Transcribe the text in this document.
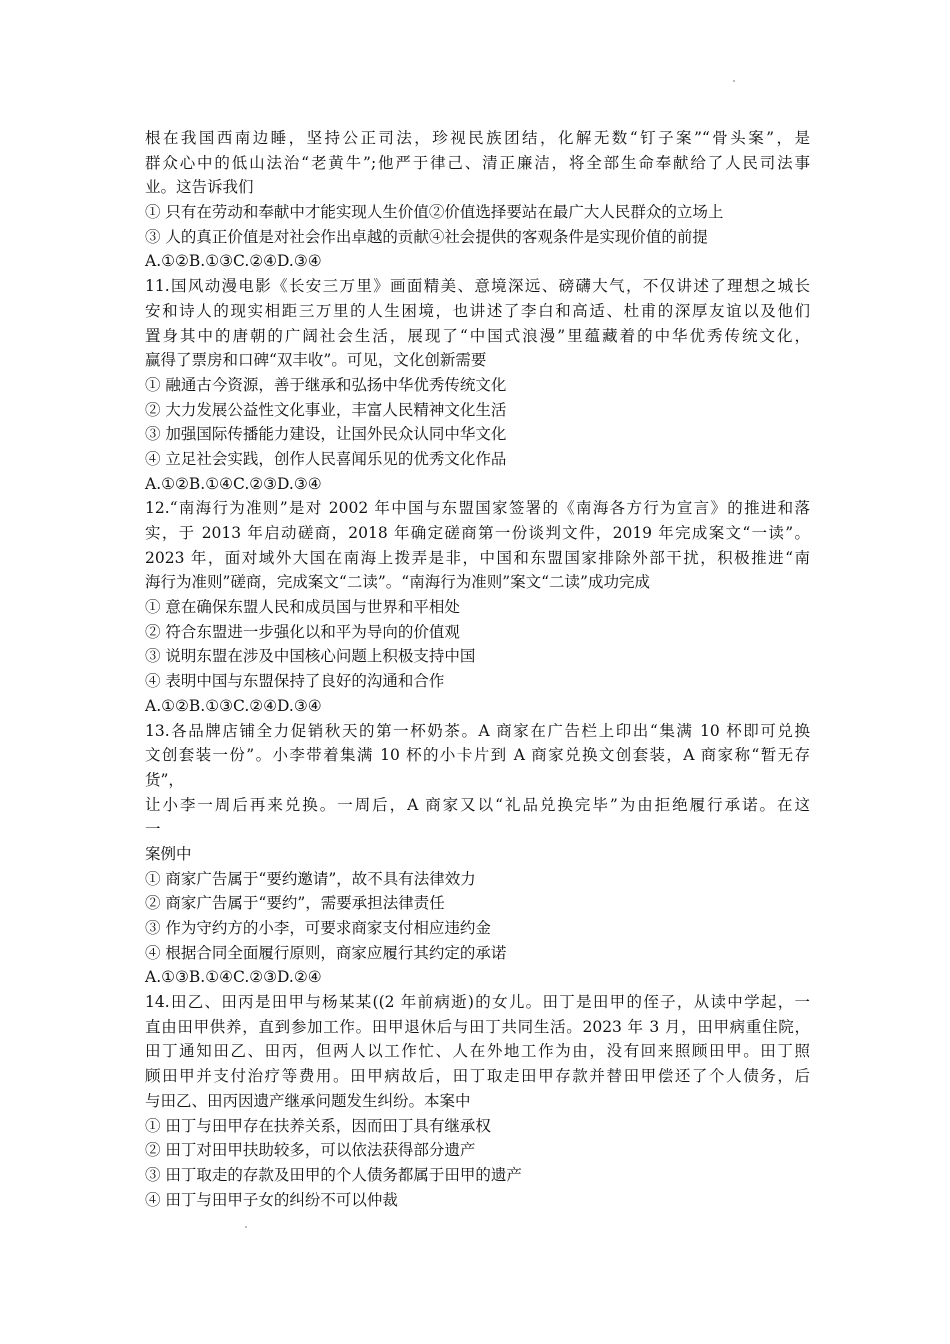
根在我国西南边睡，坚持公正司法，珍视民族团结，化解无数“钉子案”“骨头案”，是
群众心中的低山法治“老黄牛”;他严于律己、清正廉洁，将全部生命奉献给了人民司法事
业。这告诉我们
① 只有在劳动和奉献中才能实现人生价值②价值选择要站在最广大人民群众的立场上
③ 人的真正价值是对社会作出卓越的贡献④社会提供的客观条件是实现价值的前提
A.①②B.①③C.②④D.③④
11.国风动漫电影《长安三万里》画面精美、意境深远、磅礴大气，不仅讲述了理想之城长
安和诗人的现实相距三万里的人生困境，也讲述了李白和高适、杜甫的深厚友谊以及他们
置身其中的唐朝的广阔社会生活，展现了“中国式浪漫”里蕴藏着的中华优秀传统文化，
赢得了票房和口碑“双丰收”。可见，文化创新需要
① 融通古今资源，善于继承和弘扬中华优秀传统文化
② 大力发展公益性文化事业，丰富人民精神文化生活
③ 加强国际传播能力建设，让国外民众认同中华文化
④ 立足社会实践，创作人民喜闻乐见的优秀文化作品
A.①②B.①④C.②③D.③④
12.“南海行为准则”是对 2002 年中国与东盟国家签署的《南海各方行为宣言》的推进和落
实，于 2013 年启动磋商，2018 年确定磋商第一份谈判文件，2019 年完成案文“一读”。
2023 年，面对域外大国在南海上拨弄是非，中国和东盟国家排除外部干扰，积极推进“南
海行为准则”磋商，完成案文“二读”。“南海行为准则”案文“二读”成功完成
① 意在确保东盟人民和成员国与世界和平相处
② 符合东盟进一步强化以和平为导向的价值观
③ 说明东盟在涉及中国核心问题上积极支持中国
④ 表明中国与东盟保持了良好的沟通和合作
A.①②B.①③C.②④D.③④
13.各品牌店铺全力促销秋天的第一杯奶茶。A 商家在广告栏上印出“集满 10 杯即可兑换
文创套装一份”。小李带着集满 10 杯的小卡片到 A 商家兑换文创套装，A 商家称“暂无存
货”，
让小李一周后再来兑换。一周后，A 商家又以“礼品兑换完毕”为由拒绝履行承诺。在这
一
案例中
① 商家广告属于“要约邀请”，故不具有法律效力
② 商家广告属于“要约”，需要承担法律责任
③ 作为守约方的小李，可要求商家支付相应违约金
④ 根据合同全面履行原则，商家应履行其约定的承诺
A.①③B.①④C.②③D.②④
14.田乙、田丙是田甲与杨某某((2 年前病逝)的女儿。田丁是田甲的侄子，从读中学起，一
直由田甲供养，直到参加工作。田甲退休后与田丁共同生活。2023 年 3 月，田甲病重住院，
田丁通知田乙、田丙，但两人以工作忙、人在外地工作为由，没有回来照顾田甲。田丁照
顾田甲并支付治疗等费用。田甲病故后，田丁取走田甲存款并替田甲偿还了个人债务，后
与田乙、田丙因遗产继承问题发生纠纷。本案中
① 田丁与田甲存在扶养关系，因而田丁具有继承权
② 田丁对田甲扶助较多，可以依法获得部分遗产
③ 田丁取走的存款及田甲的个人债务都属于田甲的遗产
④ 田丁与田甲子女的纠纷不可以仲裁
